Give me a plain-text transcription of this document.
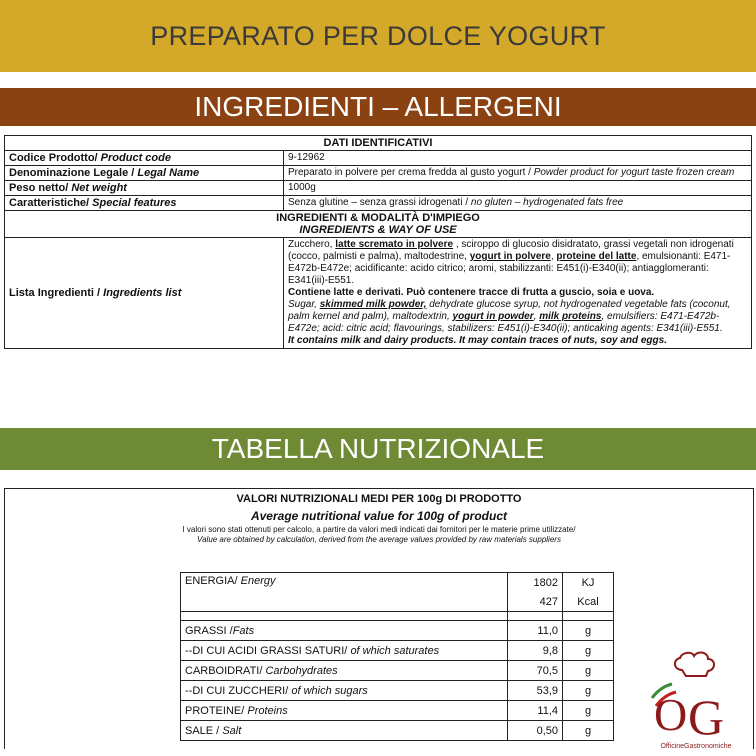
PREPARATO PER DOLCE YOGURT
INGREDIENTI – ALLERGENI
DATI IDENTIFICATIVI	
Codice Prodotto/ Product code	9-12962
Denominazione Legale / Legal Name	Preparato in polvere per crema fredda al gusto yogurt / Powder product for yogurt taste frozen cream
Peso netto/ Net weight	1000g
Caratteristiche/ Special features	Senza glutine – senza grassi idrogenati / no gluten – hydrogenated fats free

INGREDIENTI & MODALITÀ D'IMPIEGO
INGREDIENTS & WAY OF USE	

Lista Ingredienti / Ingredients list	Zucchero, latte scremato in polvere , sciroppo di glucosio disidratato, grassi vegetali non idrogenati (cocco, palmisti e palma), maltodestrine, yogurt in polvere, proteine del latte, emulsionanti: E471-E472b-E472e; acidificante: acido citrico; aromi, stabilizzanti: E451(i)-E340(ii); antiagglomeranti: E341(iii)-E551.
Contiene latte e derivati. Può contenere tracce di frutta a guscio, soia e uova.
Sugar, skimmed milk powder, dehydrate glucose syrup, not hydrogenated vegetable fats (coconut, palm kernel and palm), maltodextrin, yogurt in powder, milk proteins, emulsifiers: E471-E472b-E472e; acid: citric acid; flavourings, stabilizers: E451(i)-E340(ii); anticaking agents: E341(iii)-E551.
It contains milk and dairy products. It may contain traces of nuts, soy and eggs.
TABELLA NUTRIZIONALE
VALORI NUTRIZIONALI MEDI PER 100g DI PRODOTTO
Average nutritional value for 100g of product
I valori sono stati ottenuti per calcolo, a partire da valori medi indicati dai fornitori per le materie prime utilizzate/
Value are obtained by calculation, derived from the average values provided by raw materials suppliers
ENERGIA/ Energy	1802	KJ
	427	Kcal

GRASSI /Fats	11,0	g
--DI CUI ACIDI GRASSI SATURI/ of which saturates	9,8	g
CARBOIDRATI/ Carbohydrates	70,5	g
--DI CUI ZUCCHERI/ of which sugars	53,9	g
PROTEINE/ Proteins	11,4	g
SALE / Salt	0,50	g O G
OfficineGastronomiche
